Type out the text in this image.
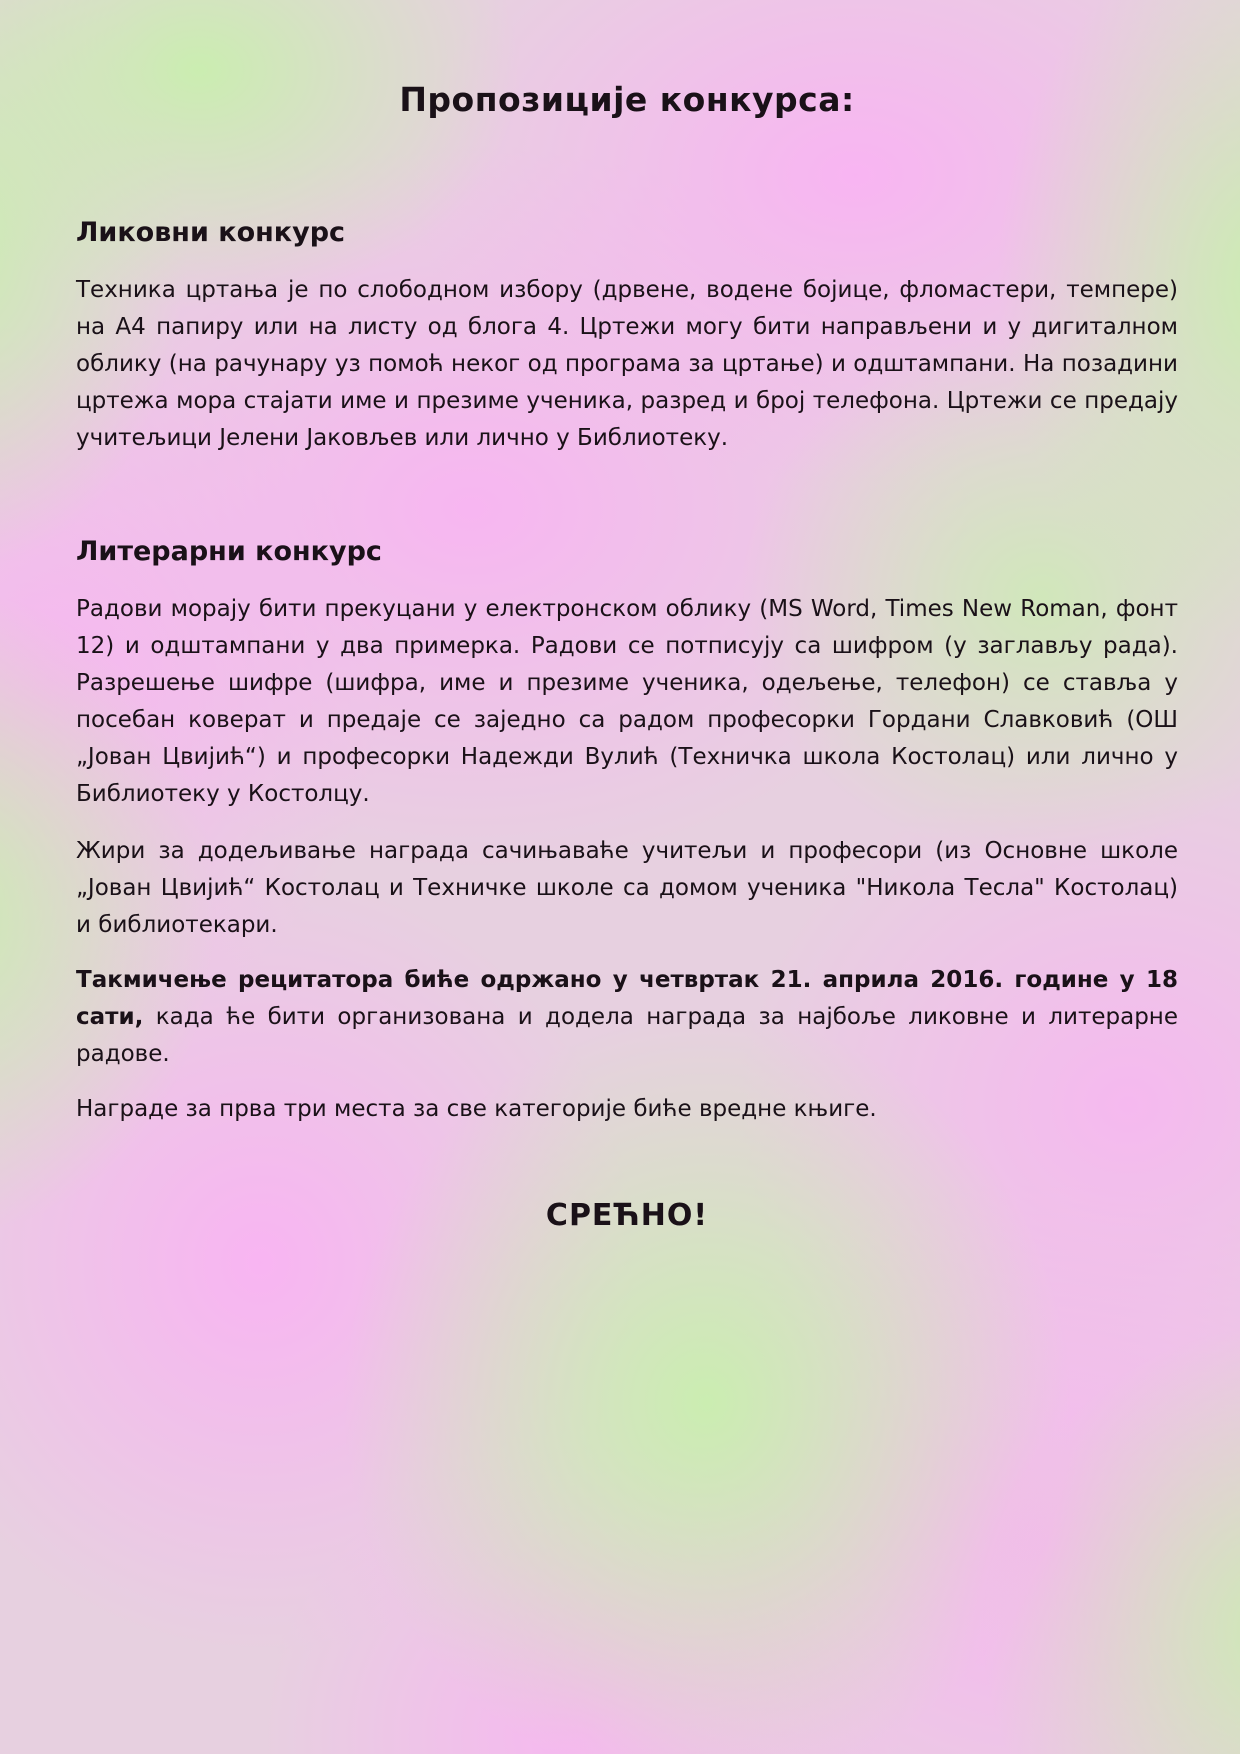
Пропозиције конкурса:
Ликовни конкурс

Техника цртања је по слободном избору (дрвене, водене бојице, фломастери, темпере) на А4 папиру или на листу од блога 4. Цртежи могу бити направљени и у дигиталном облику (на рачунару уз помоћ неког од програма за цртање) и одштампани. На позадини цртежа мора стајати име и презиме ученика, разред и број телефона. Цртежи се предају учитељици Јелени Јаковљев или лично у Библиотеку.

Литерарни конкурс

Радови морају бити прекуцани у електронском облику (MS Word, Times New Roman, фонт 12) и одштампани у два примерка. Радови се потписују са шифром (у заглављу рада). Разрешење шифре (шифра, име и презиме ученика, одељење, телефон) се ставља у посебан коверат и предаје се заједно са радом професорки Гордани Славковић (ОШ „Јован Цвијић“) и професорки Надежди Вулић (Техничка школа Костолац) или лично у Библиотеку у Костолцу.

Жири за додељивање награда сачињаваће учитељи и професори (из Основне школе „Јован Цвијић“ Костолац и Техничке школе са домом ученика "Никола Тесла" Костолац) и библиотекари.

Такмичење рецитатора биће одржано у четвртак 21. априла 2016. године у 18 сати, када ће бити организована и додела награда за најбоље ликовне и литерарне радове.

Награде за прва три места за све категорије биће вредне књиге.

СРЕЋНО!
